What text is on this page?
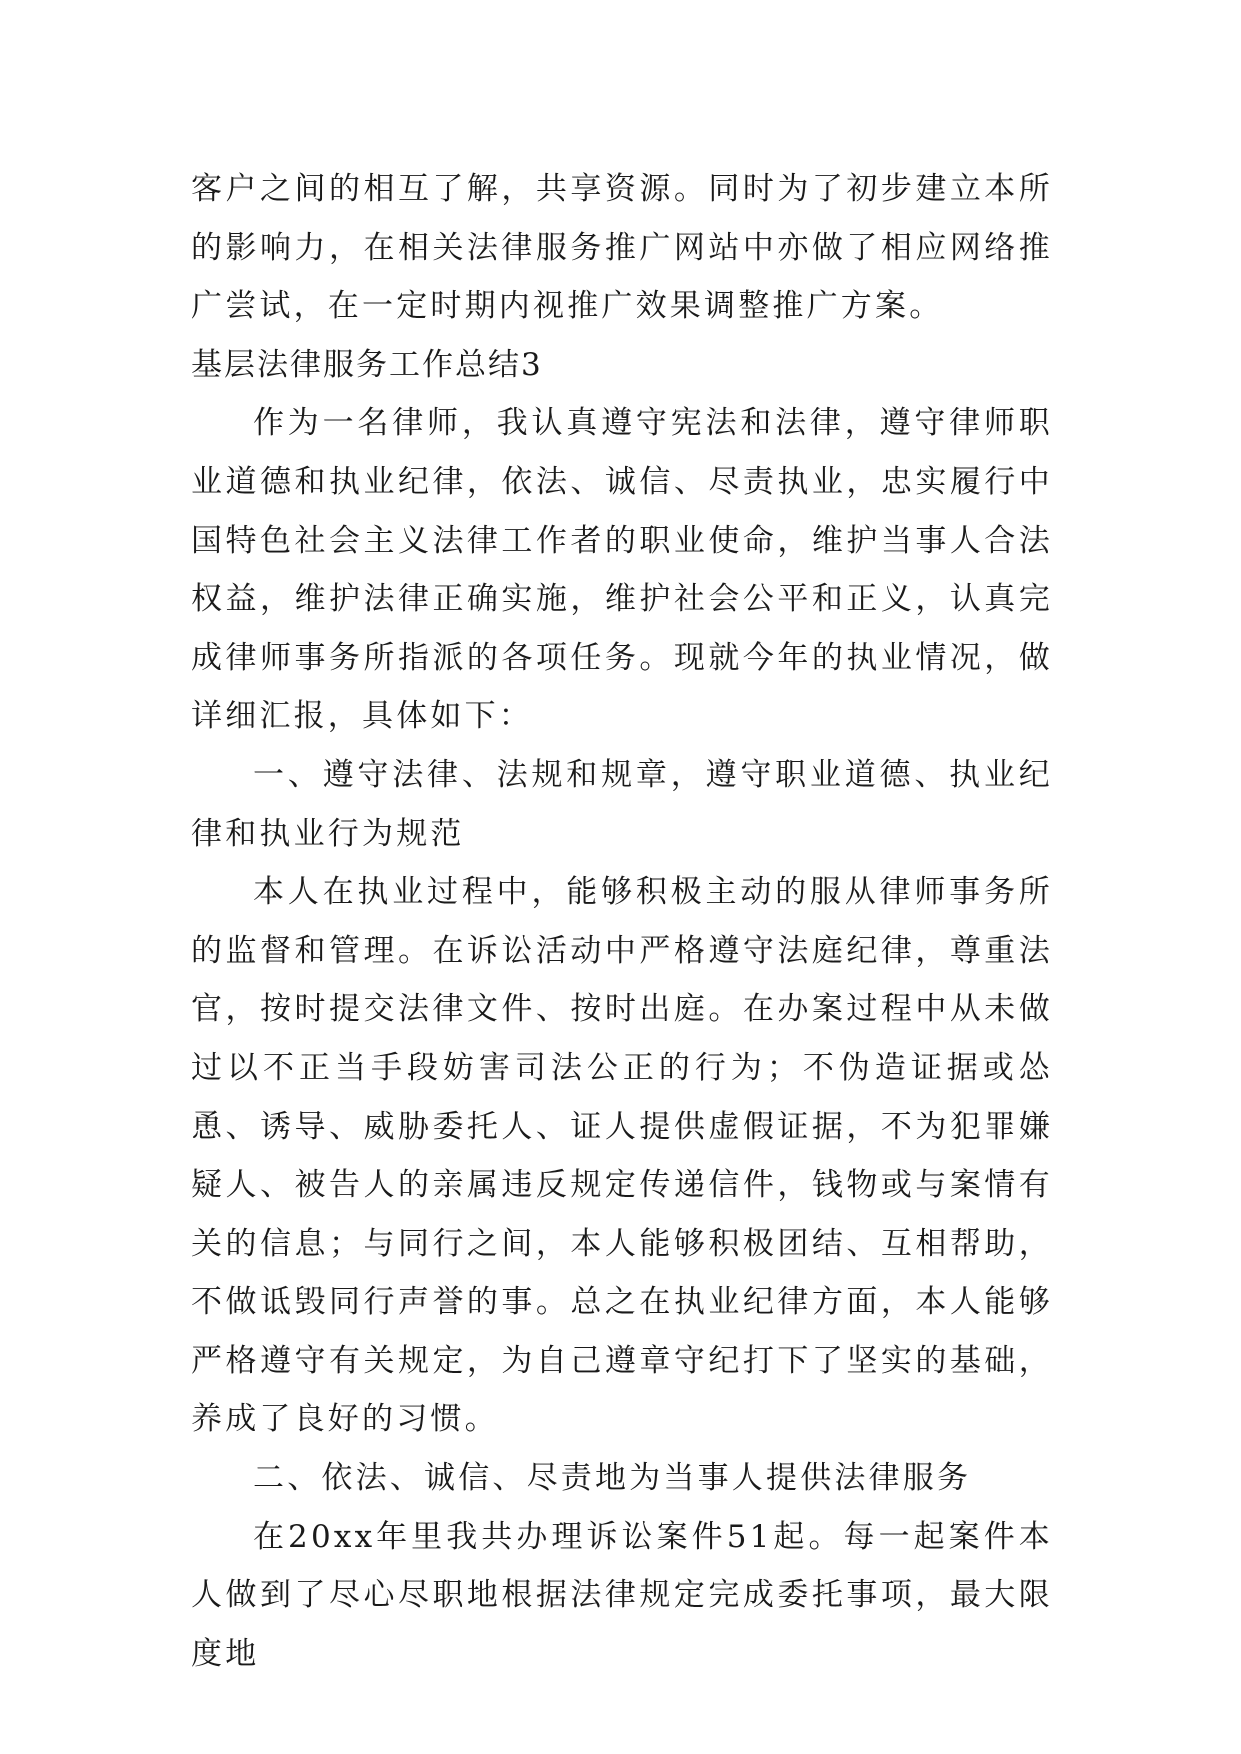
客户之间的相互了解，共享资源。同时为了初步建立本所的影响力，在相关法律服务推广网站中亦做了相应网络推广尝试，在一定时期内视推广效果调整推广方案。

基层法律服务工作总结3

作为一名律师，我认真遵守宪法和法律，遵守律师职业道德和执业纪律，依法、诚信、尽责执业，忠实履行中国特色社会主义法律工作者的职业使命，维护当事人合法权益，维护法律正确实施，维护社会公平和正义，认真完成律师事务所指派的各项任务。现就今年的执业情况，做详细汇报，具体如下：

一、遵守法律、法规和规章，遵守职业道德、执业纪律和执业行为规范

本人在执业过程中，能够积极主动的服从律师事务所的监督和管理。在诉讼活动中严格遵守法庭纪律，尊重法官，按时提交法律文件、按时出庭。在办案过程中从未做过以不正当手段妨害司法公正的行为；不伪造证据或怂恿、诱导、威胁委托人、证人提供虚假证据，不为犯罪嫌疑人、被告人的亲属违反规定传递信件，钱物或与案情有关的信息；与同行之间，本人能够积极团结、互相帮助，不做诋毁同行声誉的事。总之在执业纪律方面，本人能够严格遵守有关规定，为自己遵章守纪打下了坚实的基础，养成了良好的习惯。

二、依法、诚信、尽责地为当事人提供法律服务

在20xx年里我共办理诉讼案件51起。每一起案件本人做到了尽心尽职地根据法律规定完成委托事项，最大限度地
